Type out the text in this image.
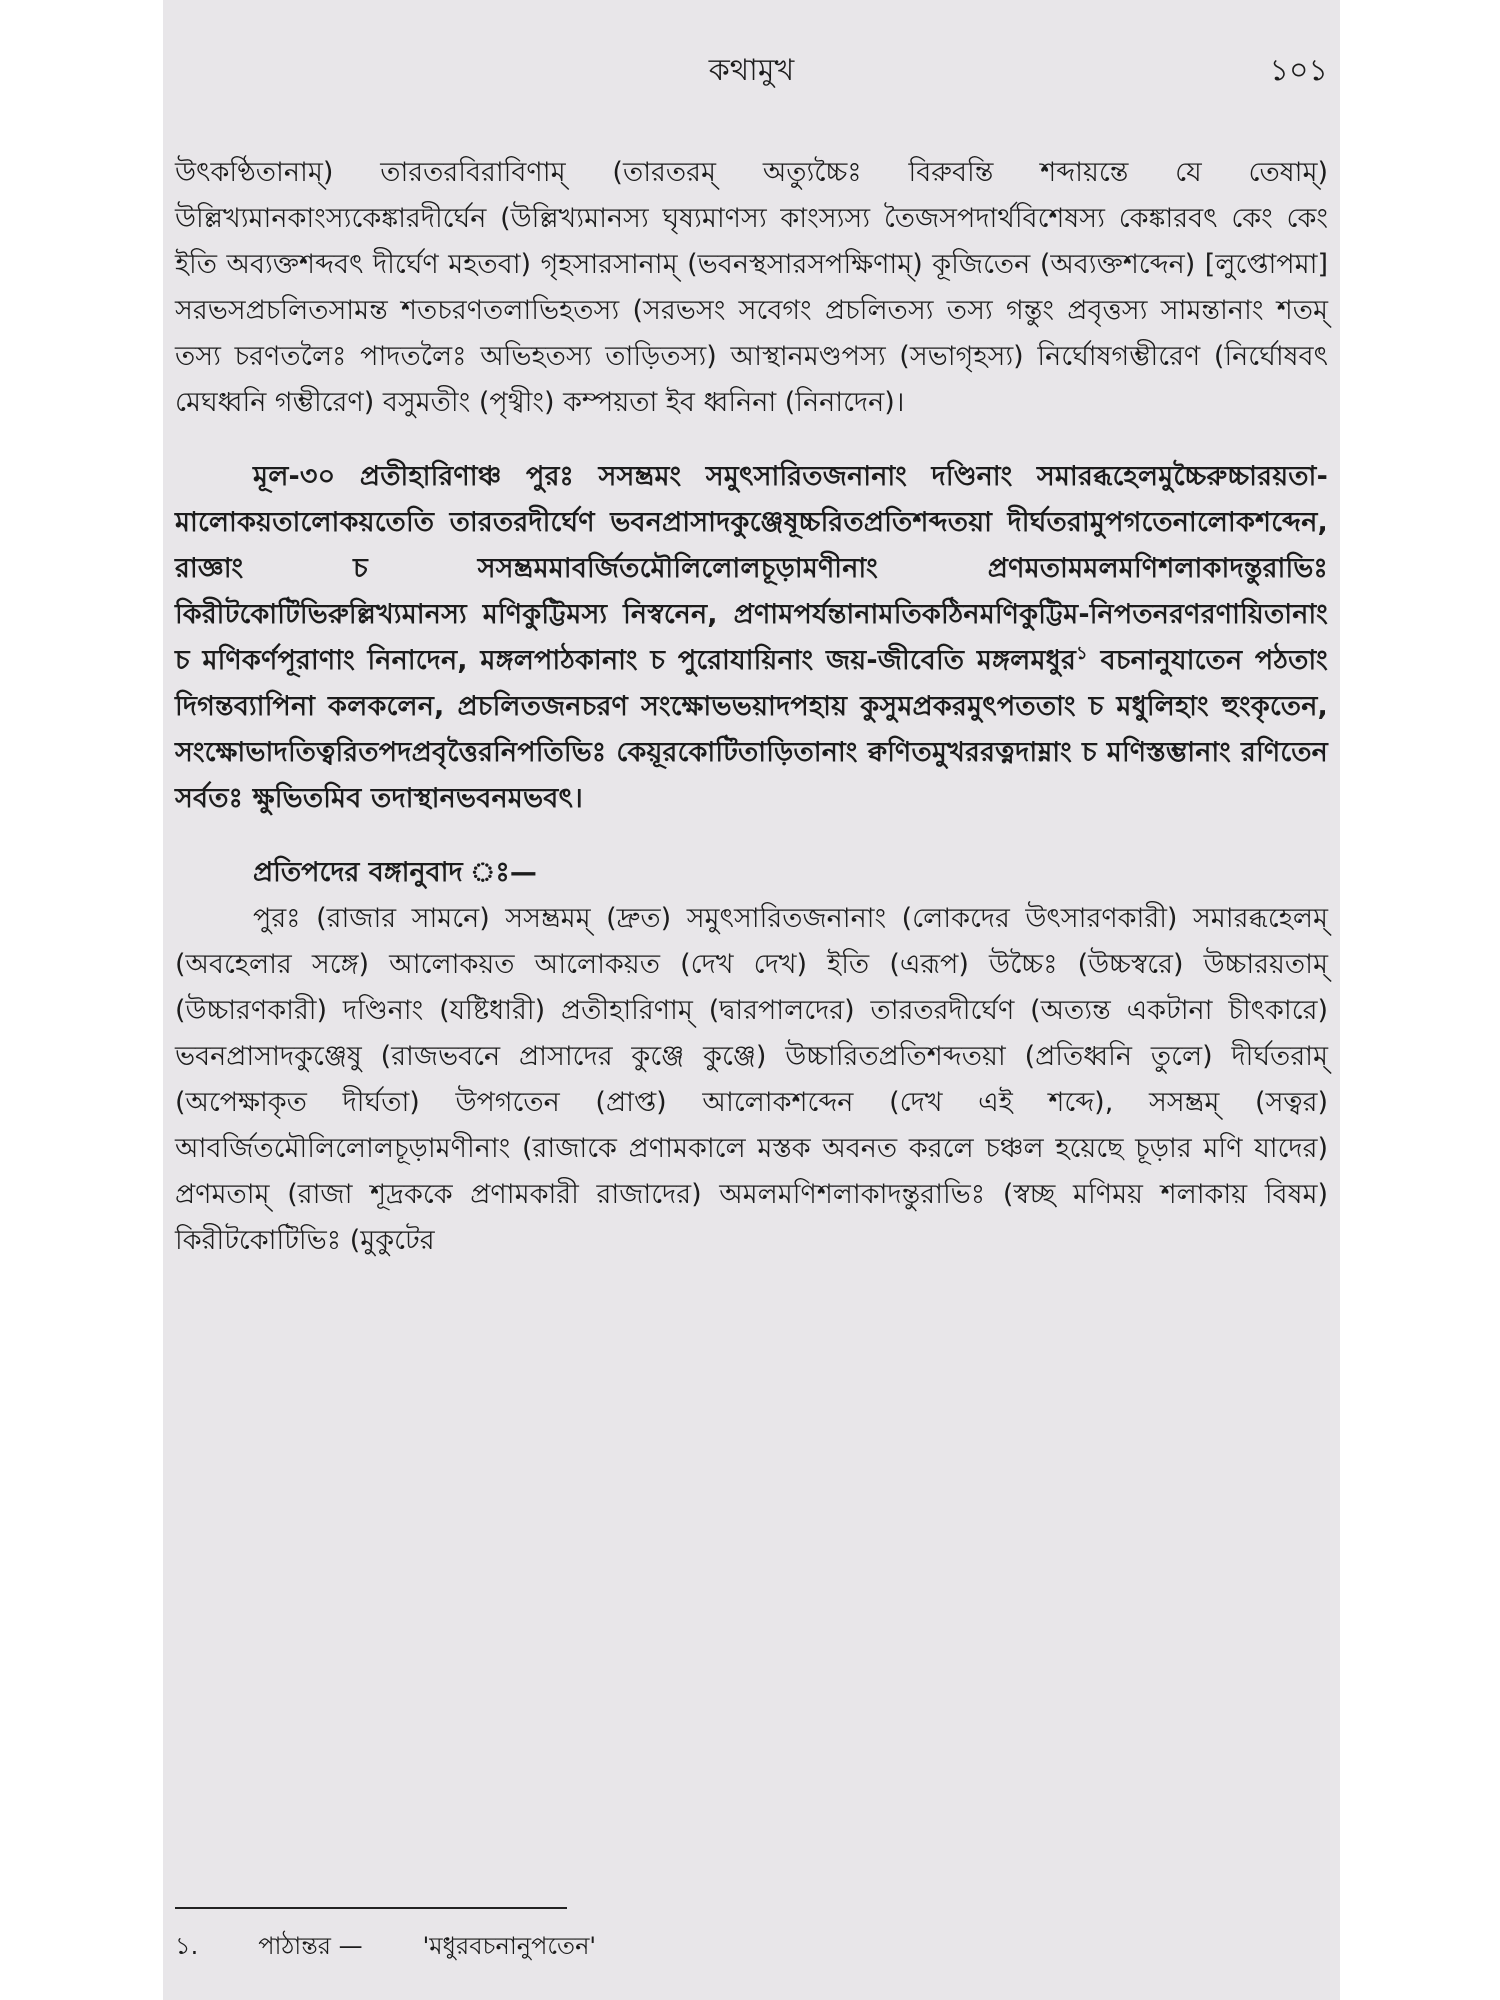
কথামুখ	১০১

উৎকণ্ঠিতানাম্) তারতরবিরাবিণাম্ (তারতরম্ অত্যুচ্চৈঃ বিরুবন্তি শব্দায়ন্তে যে তেষাম্) উল্লিখ্যমানকাংস্যকেঙ্কারদীর্ঘেন (উল্লিখ্যমানস্য ঘৃষ্যমাণস্য কাংস্যস্য তৈজসপদার্থবিশেষস্য কেঙ্কারবৎ কেং কেং ইতি অব্যক্তশব্দবৎ দীর্ঘেণ মহতবা) গৃহসারসানাম্ (ভবনস্থসারসপক্ষিণাম্) কূজিতেন (অব্যক্তশব্দেন) [লুপ্তোপমা] সরভসপ্রচলিতসামন্ত শতচরণতলাভিহতস্য (সরভসং সবেগং প্রচলিতস্য তস্য গন্তুং প্রবৃত্তস্য সামন্তানাং শতম্ তস্য চরণতলৈঃ পাদতলৈঃ অভিহতস্য তাড়িতস্য) আস্থানমণ্ডপস্য (সভাগৃহস্য) নির্ঘোষগম্ভীরেণ (নির্ঘোষবৎ মেঘধ্বনি গম্ভীরেণ) বসুমতীং (পৃথ্বীং) কম্পয়তা ইব ধ্বনিনা (নিনাদেন)।

মূল-৩০ প্রতীহারিণাঞ্চ পুরঃ সসম্ভ্রমং সমুৎসারিতজনানাং দণ্ডিনাং সমারব্ধহেলমুচ্চৈরুচ্চারয়তা-মালোকয়তালোকয়তেতি তারতরদীর্ঘেণ ভবনপ্রাসাদকুঞ্জেষূচ্চরিতপ্রতিশব্দতয়া দীর্ঘতরামুপগতেনালোকশব্দেন, রাজ্ঞাং চ সসম্ভ্রমমাবর্জিতমৌলিলোলচূড়ামণীনাং প্রণমতামমলমণিশলাকাদন্তুরাভিঃ কিরীটকোটিভিরুল্লিখ্যমানস্য মণিকুট্টিমস্য নিস্বনেন, প্রণামপর্যন্তানামতিকঠিনমণিকুট্টিম-নিপতনরণরণায়িতানাং চ মণিকর্ণপূরাণাং নিনাদেন, মঙ্গলপাঠকানাং চ পুরোযায়িনাং জয়-জীবেতি মঙ্গলমধুর$^১$ বচনানুযাতেন পঠতাং দিগন্তব্যাপিনা কলকলেন, প্রচলিতজনচরণ সংক্ষোভভয়াদপহায় কুসুমপ্রকরমুৎপততাং চ মধুলিহাং হুংকৃতেন, সংক্ষোভাদতিত্বরিতপদপ্রবৃত্তৈরনিপতিভিঃ কেয়ূরকোটিতাড়িতানাং ক্বণিতমুখররত্নদাম্নাং চ মণিস্তম্ভানাং রণিতেন সর্বতঃ ক্ষুভিতমিব তদাস্থানভবনমভবৎ।

প্রতিপদের বঙ্গানুবাদ ঃ—

পুরঃ (রাজার সামনে) সসম্ভ্রমম্ (দ্রুত) সমুৎসারিতজনানাং (লোকদের উৎসারণকারী) সমারব্ধহেলম্ (অবহেলার সঙ্গে) আলোকয়ত আলোকয়ত (দেখ দেখ) ইতি (এরূপ) উচ্চৈঃ (উচ্চস্বরে) উচ্চারয়তাম্ (উচ্চারণকারী) দণ্ডিনাং (যষ্টিধারী) প্রতীহারিণাম্ (দ্বারপালদের) তারতরদীর্ঘেণ (অত্যন্ত একটানা চীৎকারে) ভবনপ্রাসাদকুঞ্জেষু (রাজভবনে প্রাসাদের কুঞ্জে কুঞ্জে) উচ্চারিতপ্রতিশব্দতয়া (প্রতিধ্বনি তুলে) দীর্ঘতরাম্ (অপেক্ষাকৃত দীর্ঘতা) উপগতেন (প্রাপ্ত) আলোকশব্দেন (দেখ এই শব্দে), সসম্ভ্রম্ (সত্বর) আবর্জিতমৌলিলোলচূড়ামণীনাং (রাজাকে প্রণামকালে মস্তক অবনত করলে চঞ্চল হয়েছে চূড়ার মণি যাদের) প্রণমতাম্ (রাজা শূদ্রককে প্রণামকারী রাজাদের) অমলমণিশলাকাদন্তুরাভিঃ (স্বচ্ছ মণিময় শলাকায় বিষম) কিরীটকোটিভিঃ (মুকুটের

১.	পাঠান্তর —	'মধুরবচনানুপতেন'
